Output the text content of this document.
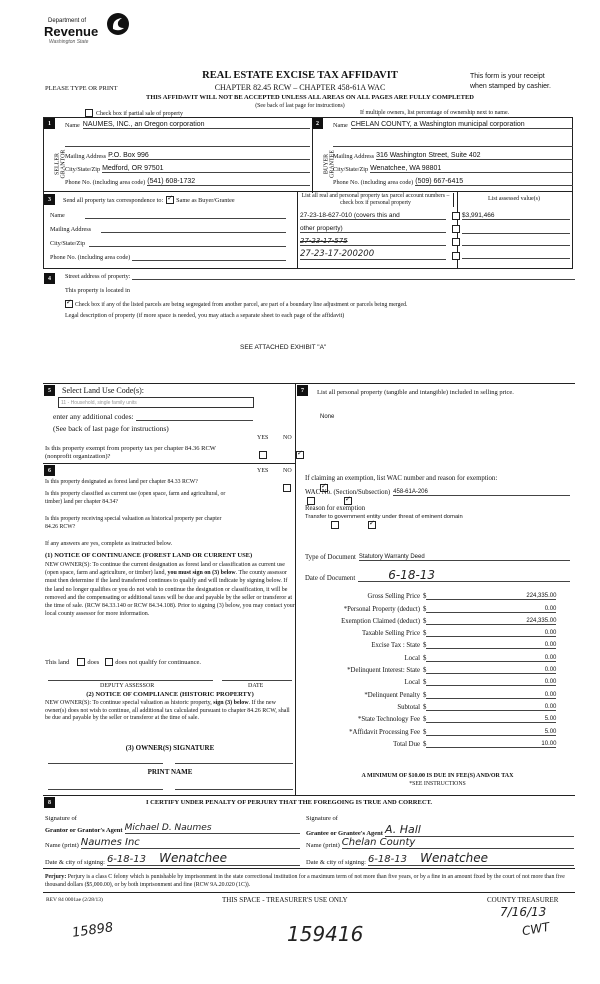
Department of
Revenue
Washington State
PLEASE TYPE OR PRINT
REAL ESTATE EXCISE TAX AFFIDAVIT
CHAPTER 82.45 RCW – CHAPTER 458-61A WAC
This form is your receipt
when stamped by cashier.
THIS AFFIDAVIT WILL NOT BE ACCEPTED UNLESS ALL AREAS ON ALL PAGES ARE FULLY COMPLETED
(See back of last page for instructions)
Check box if partial sale of property	If multiple owners, list percentage of ownership next to name.
1
SELLER GRANTOR
Name NAUMES, INC., an Oregon corporation
Mailing Address P.O. Box 996
City/State/Zip Medford, OR 97501
Phone No. (including area code) (541) 608-1732
2
BUYER GRANTEE
Name CHELAN COUNTY, a Washington municipal corporation
Mailing Address 316 Washington Street, Suite 402
City/State/Zip Wenatchee, WA 98801
Phone No. (including area code) (509) 667-6415
3	Send all property tax correspondence to: ✓ Same as Buyer/Grantee
Name
Mailing Address
City/State/Zip
Phone No. (including area code)
List all real and personal property tax parcel account numbers – check box if personal property
List assessed value(s)
27-23-18-627-010 (covers this and	$3,991,466
other property)
27-23-17-575
27-23-17-200200
4	Street address of property:
This property is located in
✓
Check box if any of the listed parcels are being segregated from another parcel, are part of a boundary line adjustment or parcels being merged.
Legal description of property (if more space is needed, you may attach a separate sheet to each page of the affidavit)
SEE ATTACHED EXHIBIT "A"
5	Select Land Use Code(s):
11 - Household, single family units
enter any additional codes:
(See back of last page for instructions)
YES NO
Is this property exempt from property tax per chapter 84.36 RCW (nonprofit organization)?
✓
6	YES NO
Is this property designated as forest land per chapter 84.33 RCW?
✓
Is this property classified as current use (open space, farm and agricultural, or timber) land per chapter 84.34?
✓
Is this property receiving special valuation as historical property per chapter 84.26 RCW?
✓
If any answers are yes, complete as instructed below.
(1) NOTICE OF CONTINUANCE (FOREST LAND OR CURRENT USE)
NEW OWNER(S): To continue the current designation as forest land or classification as current use (open space, farm and agriculture, or timber) land, you must sign on (3) below. The county assessor must then determine if the land transferred continues to qualify and will indicate by signing below. If the land no longer qualifies or you do not wish to continue the designation or classification, it will be removed and the compensating or additional taxes will be due and payable by the seller or transferor at the time of sale. (RCW 84.33.140 or RCW 84.34.108). Prior to signing (3) below, you may contact your local county assessor for more information.
This land	does does not qualify for continuance.
DEPUTY ASSESSOR	DATE
(2) NOTICE OF COMPLIANCE (HISTORIC PROPERTY)
NEW OWNER(S): To continue special valuation as historic property, sign (3) below. If the new owner(s) does not wish to continue, all additional tax calculated pursuant to chapter 84.26 RCW, shall be due and payable by the seller or transferor at the time of sale.
(3) OWNER(S) SIGNATURE
PRINT NAME
7	List all personal property (tangible and intangible) included in selling price.
None
If claiming an exemption, list WAC number and reason for exemption:
WAC No. (Section/Subsection) 458-61A-206
Reason for exemption
Transfer to government entity under threat of eminent domain
Type of Document Statutory Warranty Deed
Date of Document	6-18-13
Gross Selling Price $	224,335.00
*Personal Property (deduct) $	0.00
Exemption Claimed (deduct) $	224,335.00
Taxable Selling Price $	0.00
Excise Tax : State $	0.00
Local $	0.00
*Delinquent Interest: State $	0.00
Local $	0.00
*Delinquent Penalty $	0.00
Subtotal $	0.00
*State Technology Fee $	5.00
*Affidavit Processing Fee $	5.00
Total Due $	10.00
A MINIMUM OF $10.00 IS DUE IN FEE(S) AND/OR TAX
*SEE INSTRUCTIONS
8	I CERTIFY UNDER PENALTY OF PERJURY THAT THE FOREGOING IS TRUE AND CORRECT.
Signature of
Grantor or Grantor's Agent Michael D. Naumes
Name (print) Naumes Inc
Date & city of signing: 6-18-13 Wenatchee
Signature of
Grantee or Grantee's Agent A. Hall
Name (print) Chelan County
Date & city of signing: 6-18-13 Wenatchee
Perjury: Perjury is a class C felony which is punishable by imprisonment in the state correctional institution for a maximum term of not more than five years, or by a fine in an amount fixed by the court of not more than five thousand dollars ($5,000.00), or by both imprisonment and fine (RCW 9A.20.020 (1C)).
REV 84 0001ae (2/28/13)	THIS SPACE - TREASURER'S USE ONLY	COUNTY TREASURER
15898	159416
7/16/13
CWT
